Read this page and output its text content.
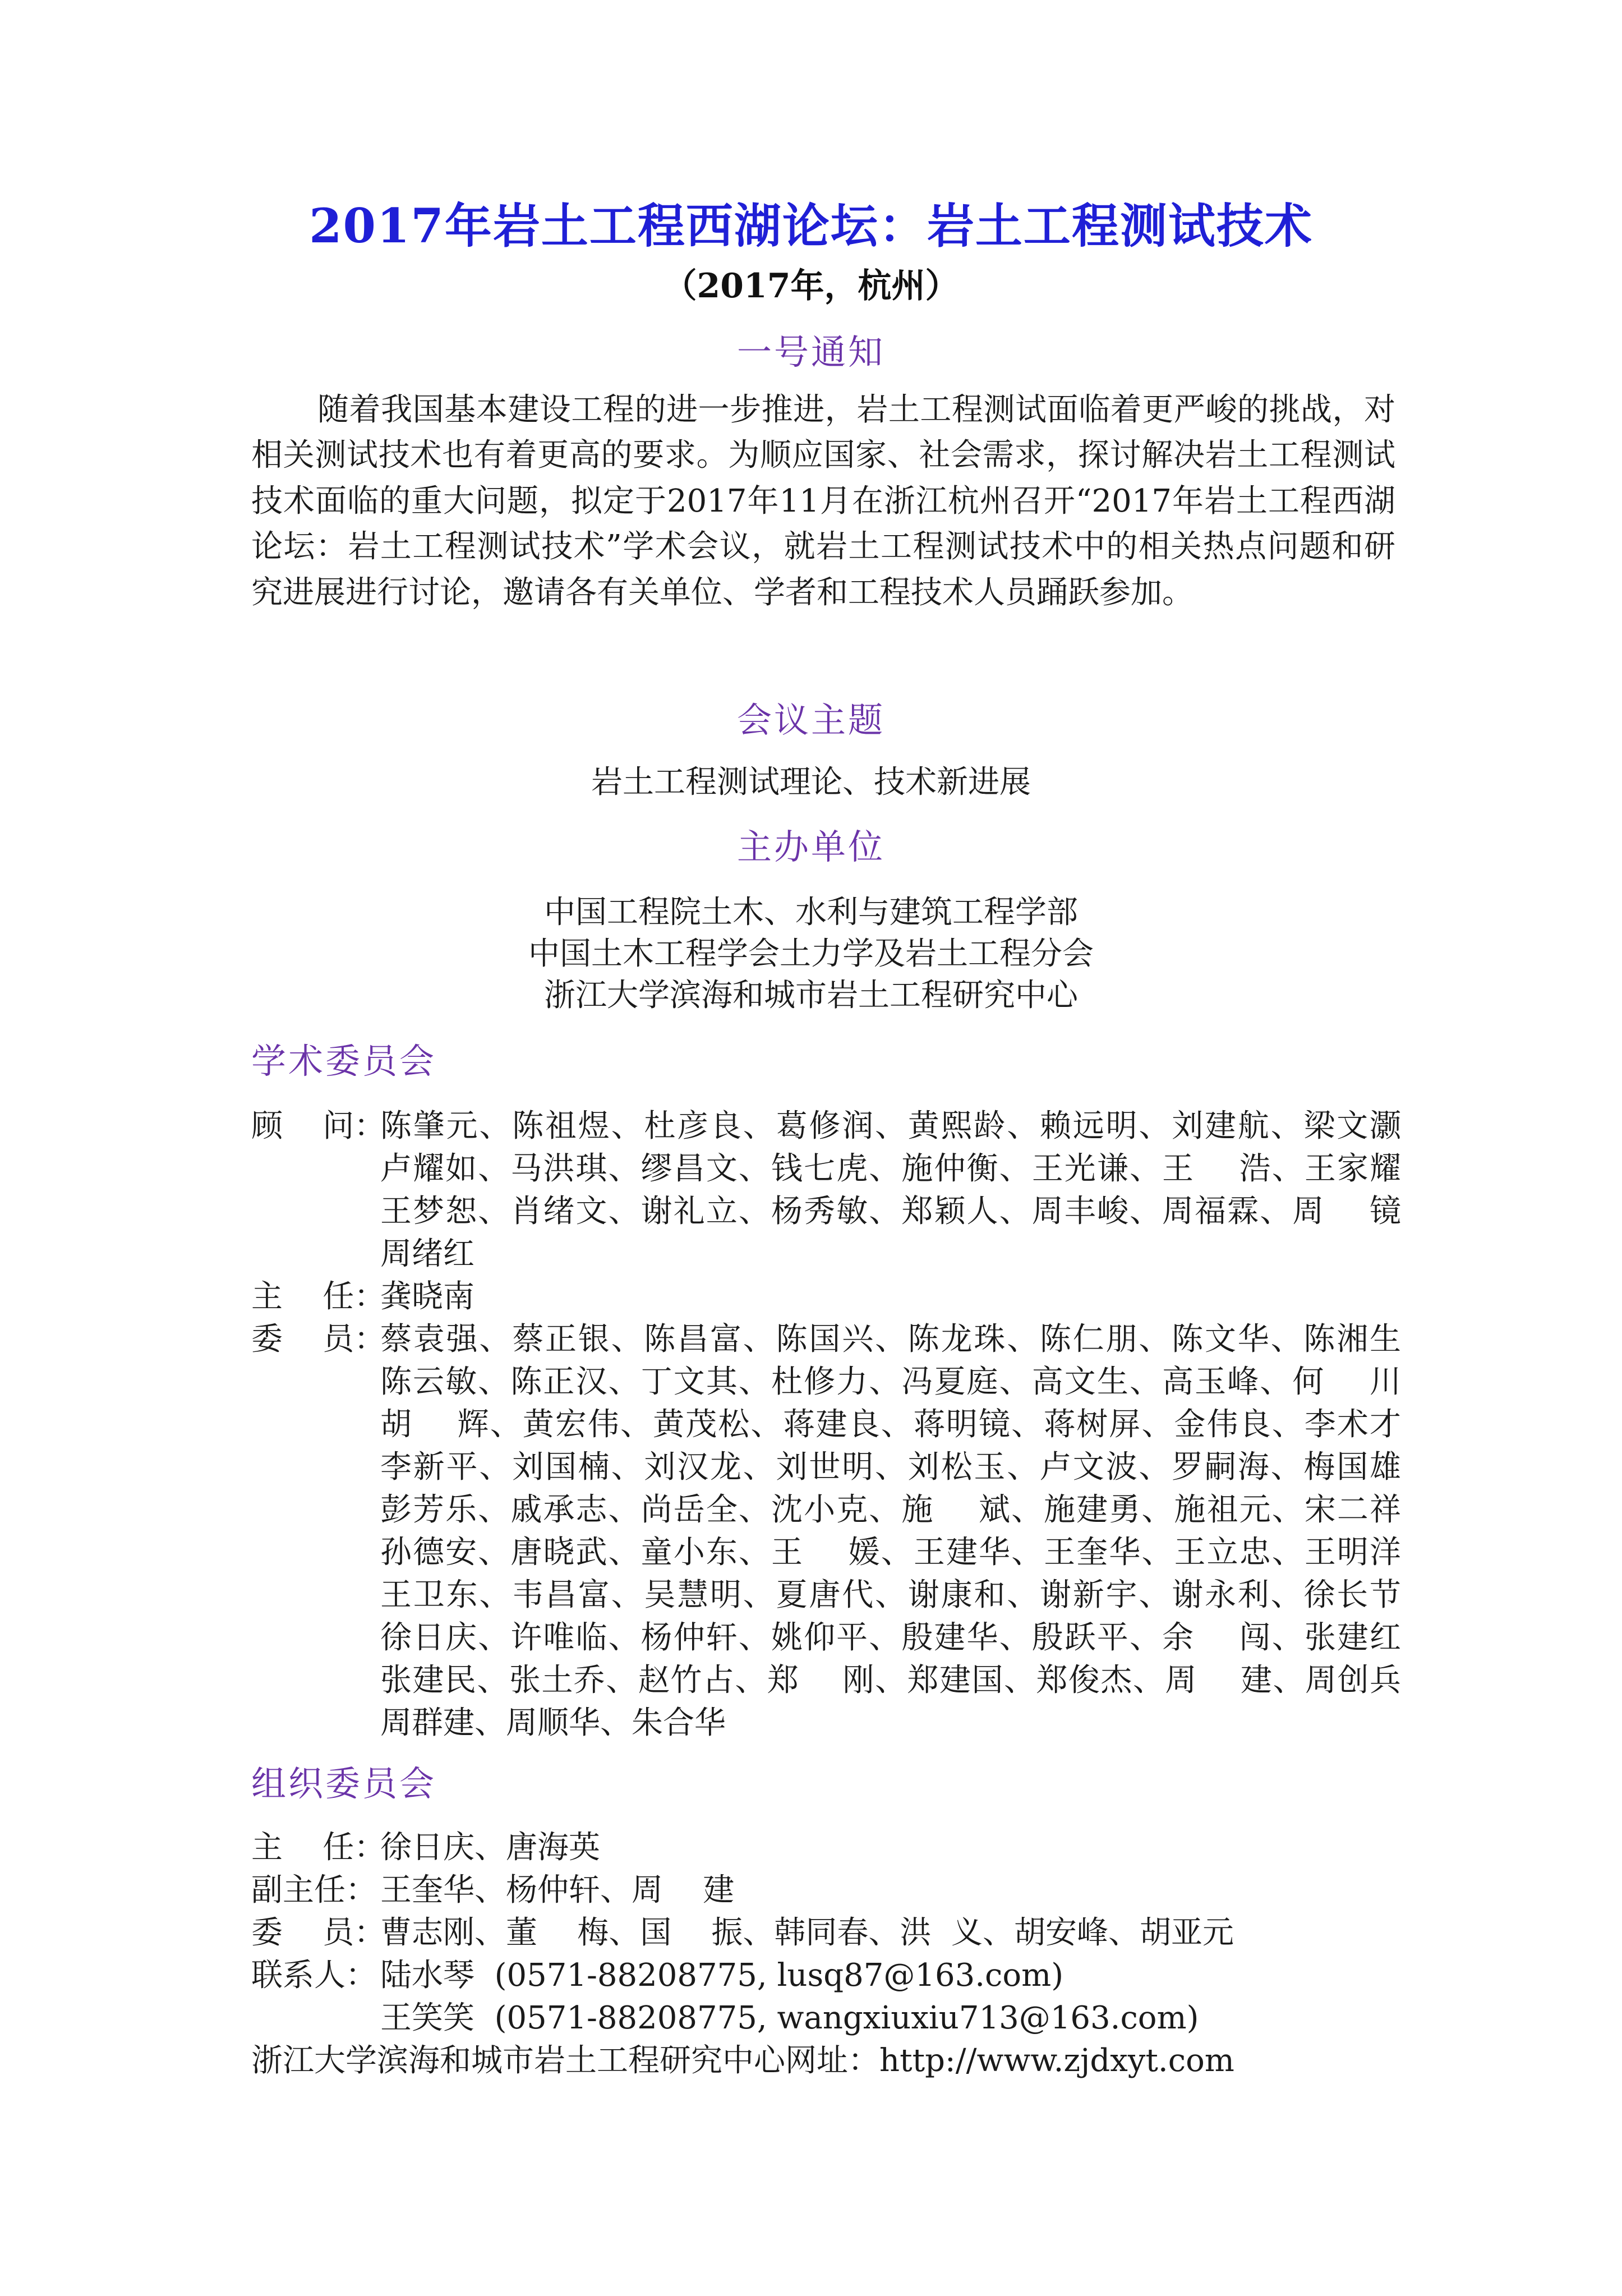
2017年岩土工程西湖论坛：岩土工程测试技术
（2017年，杭州）
一号通知

随着我国基本建设工程的进一步推进，岩土工程测试面临着更严峻的挑战，对相关测试技术也有着更高的要求。为顺应国家、社会需求，探讨解决岩土工程测试技术面临的重大问题，拟定于2017年11月在浙江杭州召开“2017年岩土工程西湖论坛：岩土工程测试技术”学术会议，就岩土工程测试技术中的相关热点问题和研究进展进行讨论，邀请各有关单位、学者和工程技术人员踊跃参加。

会议主题
岩土工程测试理论、技术新进展
主办单位
中国工程院土木、水利与建筑工程学部
中国土木工程学会土力学及岩土工程分会
浙江大学滨海和城市岩土工程研究中心
学术委员会
顾    问：
陈肇元、陈祖煜、杜彦良、葛修润、黄熙龄、赖远明、刘建航、梁文灏
卢耀如、马洪琪、缪昌文、钱七虎、施仲衡、王光谦、王    浩、王家耀
王梦恕、肖绪文、谢礼立、杨秀敏、郑颖人、周丰峻、周福霖、周    镜
周绪红
主    任：
龚晓南
委    员：
蔡袁强、蔡正银、陈昌富、陈国兴、陈龙珠、陈仁朋、陈文华、陈湘生
陈云敏、陈正汉、丁文其、杜修力、冯夏庭、高文生、高玉峰、何    川
胡    辉、黄宏伟、黄茂松、蒋建良、蒋明镜、蒋树屏、金伟良、李术才
李新平、刘国楠、刘汉龙、刘世明、刘松玉、卢文波、罗嗣海、梅国雄
彭芳乐、戚承志、尚岳全、沈小克、施    斌、施建勇、施祖元、宋二祥
孙德安、唐晓武、童小东、王    媛、王建华、王奎华、王立忠、王明洋
王卫东、韦昌富、吴慧明、夏唐代、谢康和、谢新宇、谢永利、徐长节
徐日庆、许唯临、杨仲轩、姚仰平、殷建华、殷跃平、余    闯、张建红
张建民、张土乔、赵竹占、郑    刚、郑建国、郑俊杰、周    建、周创兵
周群建、周顺华、朱合华
组织委员会
主    任：
徐日庆、唐海英
副主任： 王奎华、杨仲轩、周    建
委    员：
曹志刚、董    梅、国    振、韩同春、洪  义、胡安峰、胡亚元
联系人： 陆水琴  (0571-88208775, lusq87@163.com)
王笑笑  (0571-88208775, wangxiuxiu713@163.com)
浙江大学滨海和城市岩土工程研究中心网址：http://www.zjdxyt.com
